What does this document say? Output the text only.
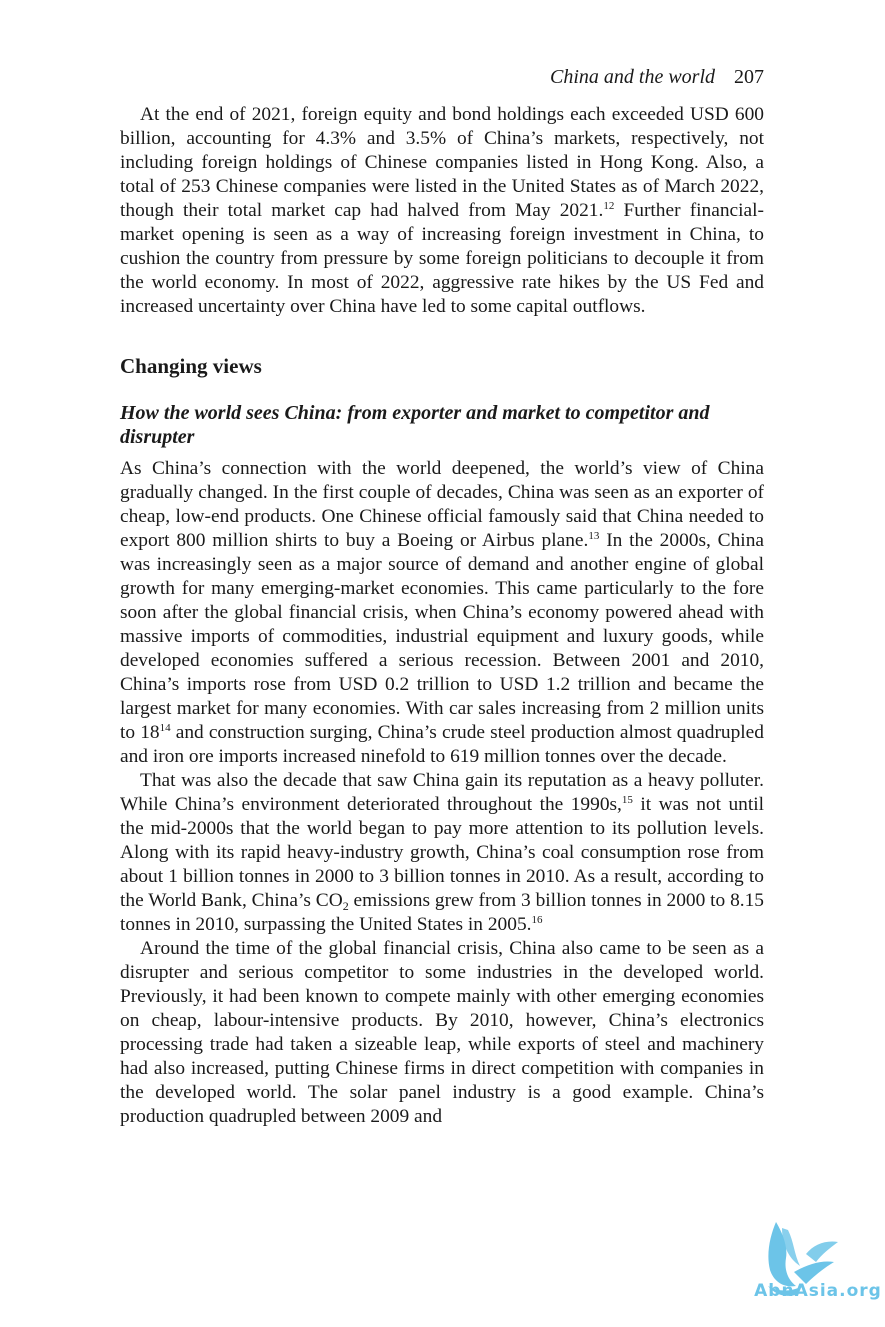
China and the world 207

At the end of 2021, foreign equity and bond holdings each exceeded USD 600 billion, accounting for 4.3% and 3.5% of China’s markets, respectively, not including foreign holdings of Chinese companies listed in Hong Kong. Also, a total of 253 Chinese companies were listed in the United States as of March 2022, though their total market cap had halved from May 2021.12 Further financial-market opening is seen as a way of increasing foreign investment in China, to cushion the country from pressure by some foreign politicians to decouple it from the world economy. In most of 2022, aggressive rate hikes by the US Fed and increased uncertainty over China have led to some capital outflows.

Changing views
How the world sees China: from exporter and market to competitor and disrupter

As China’s connection with the world deepened, the world’s view of China gradually changed. In the first couple of decades, China was seen as an exporter of cheap, low-end products. One Chinese official famously said that China needed to export 800 million shirts to buy a Boeing or Airbus plane.$^{13}$ In the 2000s, China was increasingly seen as a major source of demand and another engine of global growth for many emerging-market economies. This came particularly to the fore soon after the global financial crisis, when China’s economy powered ahead with massive imports of commodities, industrial equipment and luxury goods, while developed economies suffered a serious recession. Between 2001 and 2010, China’s imports rose from USD 0.2 trillion to USD 1.2 trillion and became the largest market for many economies. With car sales increasing from 2 million units to $18^{14}$ and construction surging, China’s crude steel production almost quadrupled and iron ore imports increased ninefold to 619 million tonnes over the decade.

That was also the decade that saw China gain its reputation as a heavy polluter. While China’s environment deteriorated throughout the 1990s,$^{15}$ it was not until the mid-2000s that the world began to pay more attention to its pollution levels. Along with its rapid heavy-industry growth, China’s coal consumption rose from about 1 billion tonnes in 2000 to 3 billion tonnes in 2010. As a result, according to the World Bank, China’s $CO_2$ emissions grew from 3 billion tonnes in 2000 to 8.15 tonnes in 2010, surpassing the United States in 2005.16

Around the time of the global financial crisis, China also came to be seen as a disrupter and serious competitor to some industries in the developed world. Previously, it had been known to compete mainly with other emerging economies on cheap, labour-intensive products. By 2010, however, China’s electronics processing trade had taken a sizeable leap, while exports of steel and machinery had also increased, putting Chinese firms in direct competition with companies in the developed world. The solar panel industry is a good example. China’s production quadrupled between 2009 and

AbnAsia.org
